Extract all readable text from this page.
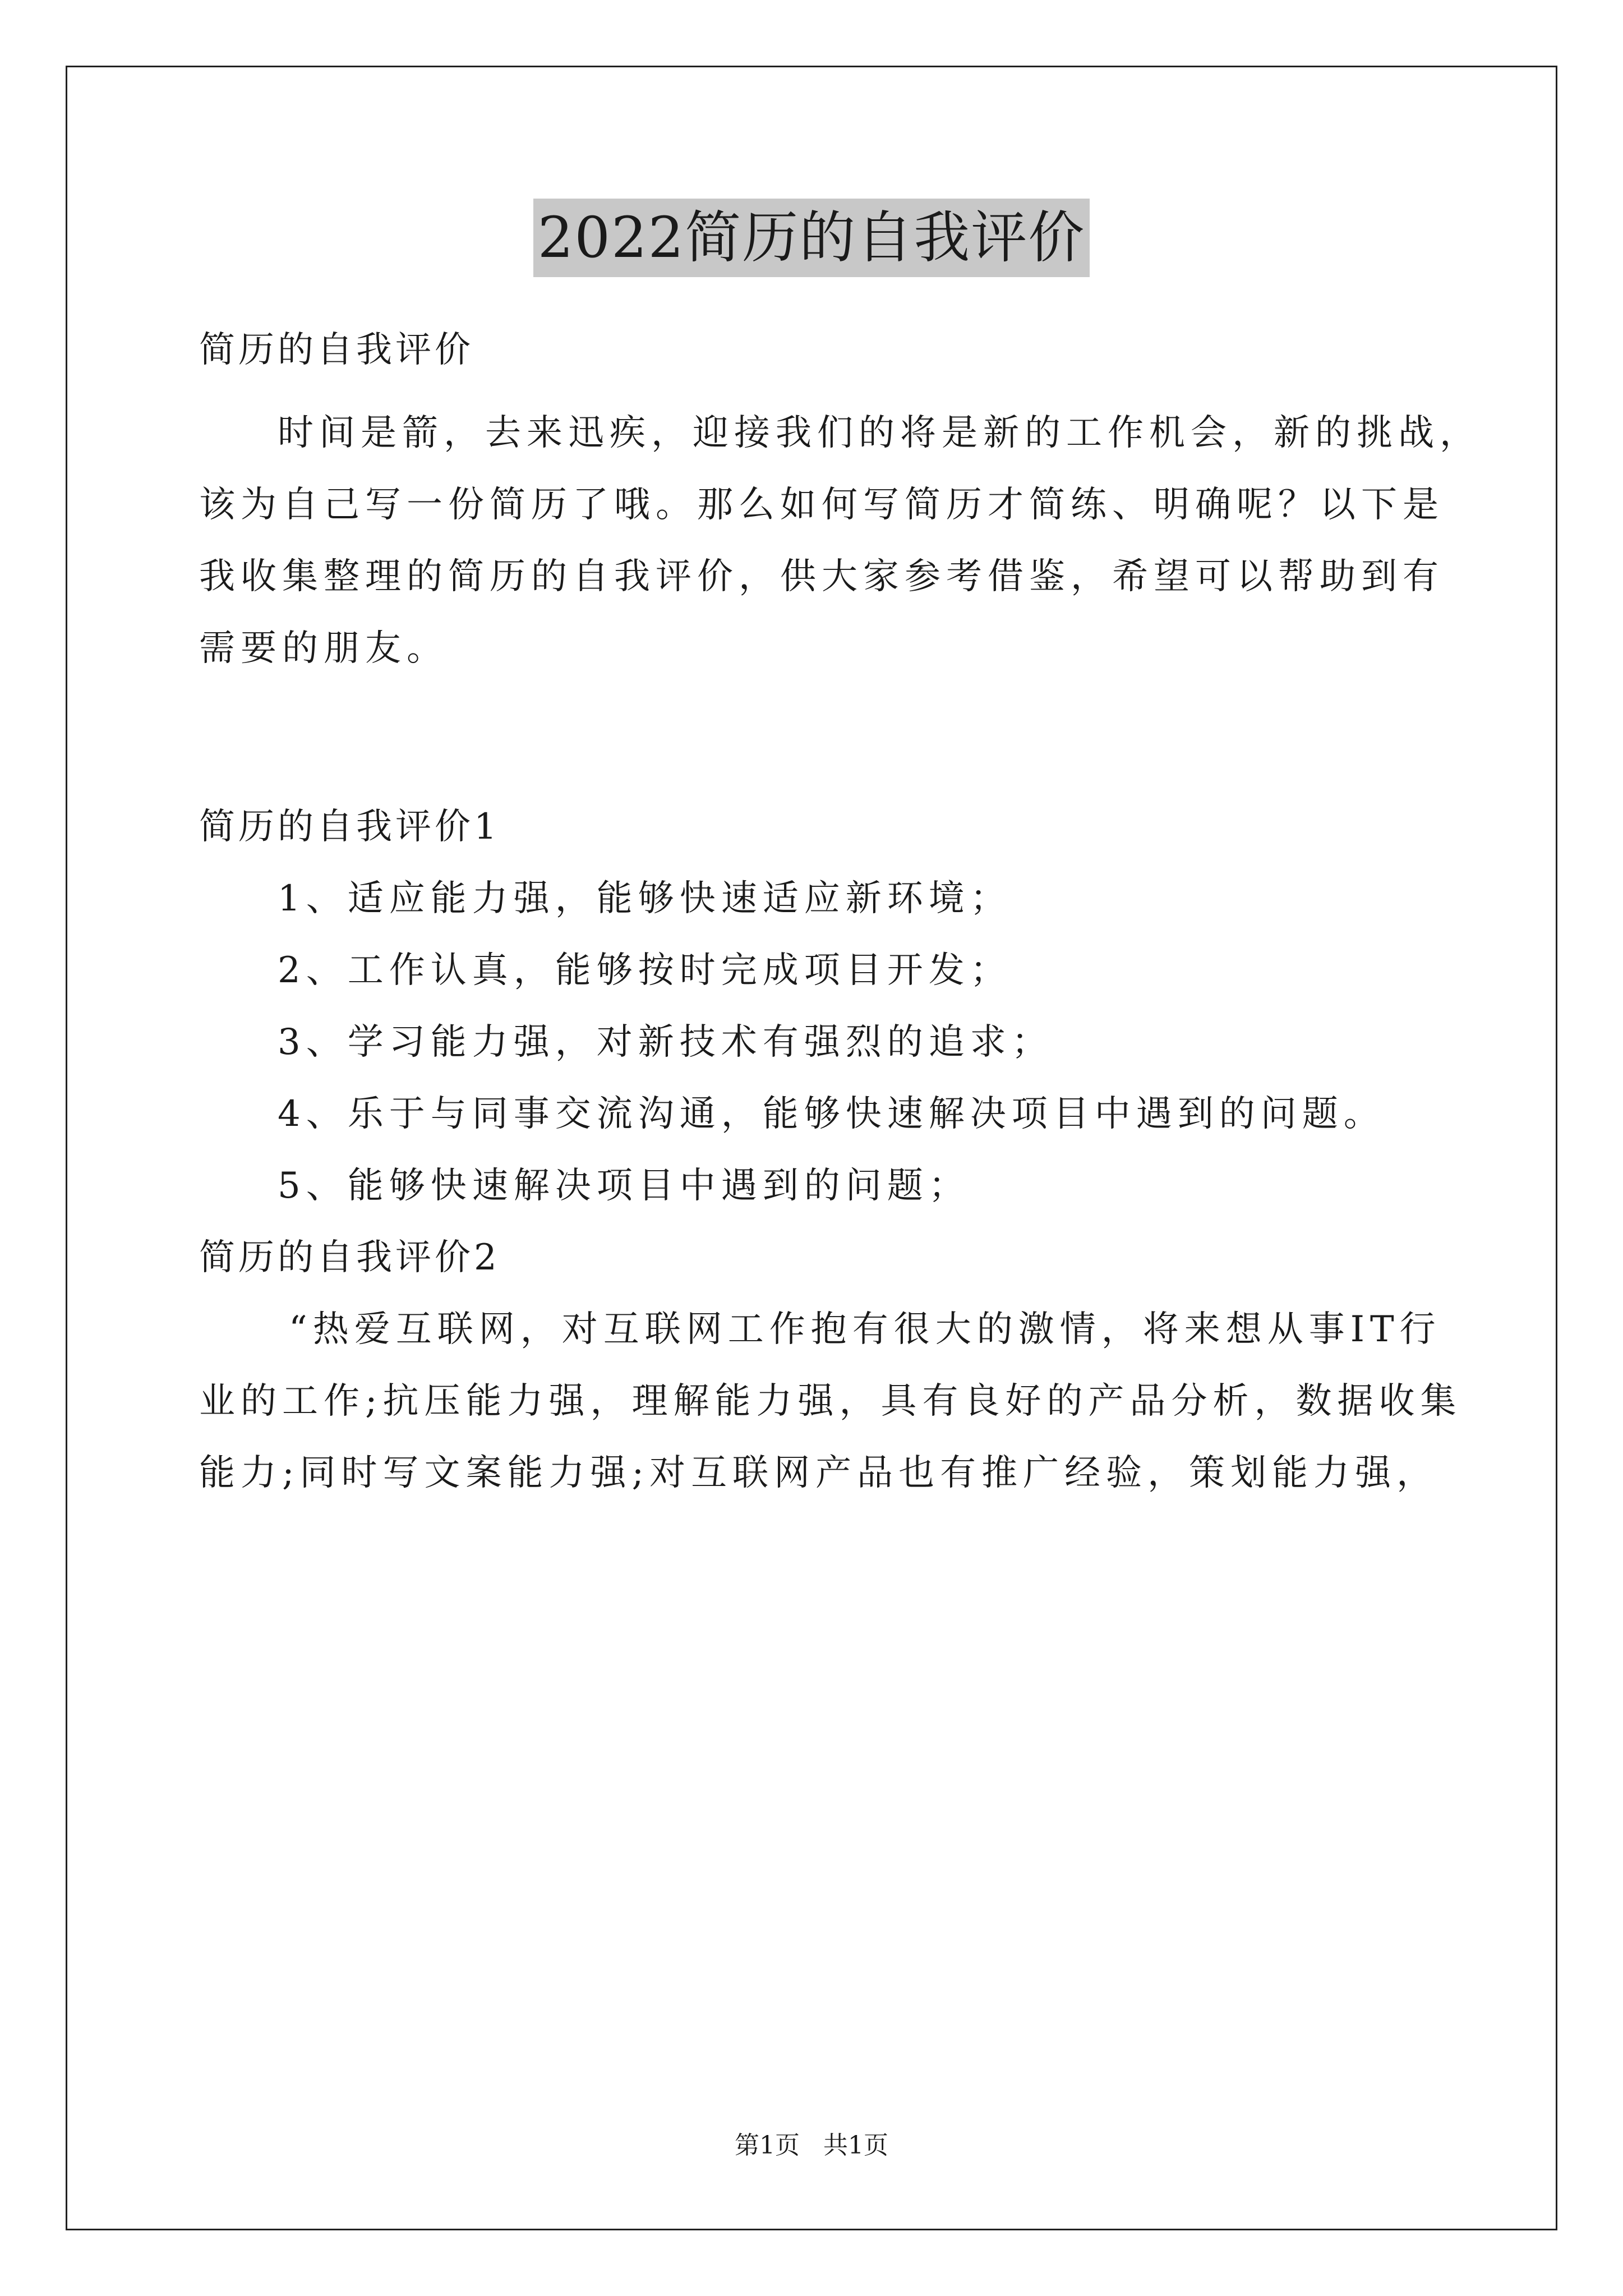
2022简历的自我评价

简历的自我评价

时间是箭，去来迅疾，迎接我们的将是新的工作机会，新的挑战，

该为自己写一份简历了哦。那么如何写简历才简练、明确呢？以下是

我收集整理的简历的自我评价，供大家参考借鉴，希望可以帮助到有

需要的朋友。

简历的自我评价1

1、适应能力强，能够快速适应新环境；

2、工作认真，能够按时完成项目开发；

3、学习能力强，对新技术有强烈的追求；

4、乐于与同事交流沟通，能够快速解决项目中遇到的问题。

5、能够快速解决项目中遇到的问题；

简历的自我评价2

“热爱互联网，对互联网工作抱有很大的激情，将来想从事IT行

业的工作;抗压能力强，理解能力强，具有良好的产品分析，数据收集

能力;同时写文案能力强;对互联网产品也有推广经验，策划能力强，

第1页 共1页
